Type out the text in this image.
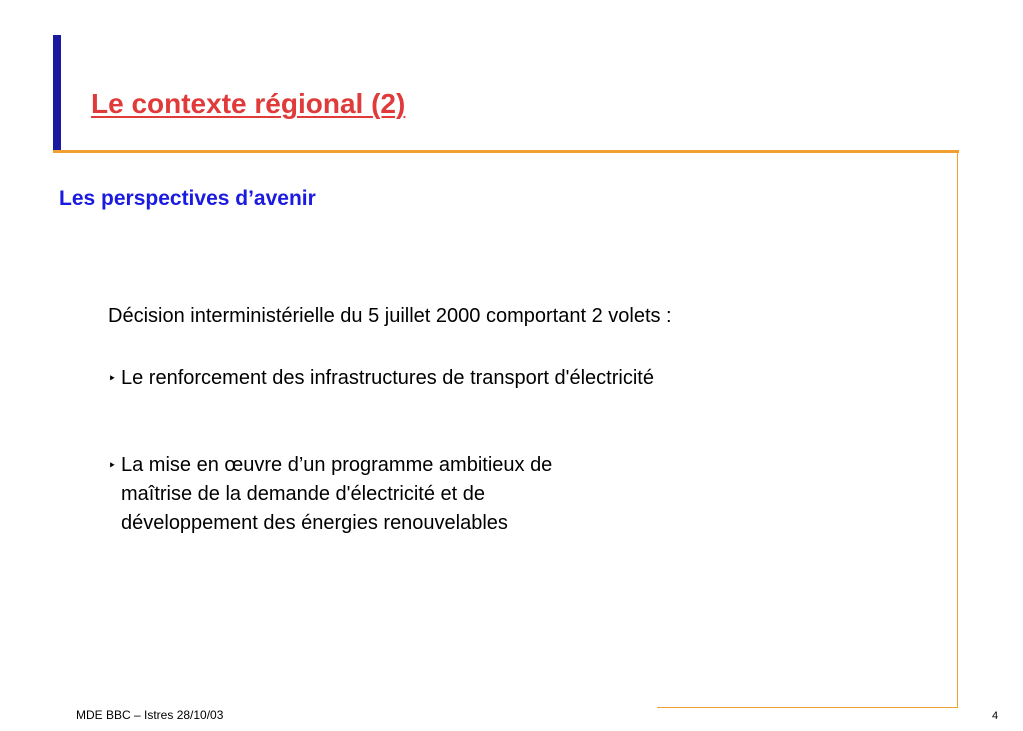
Le contexte régional (2)
Les perspectives d’avenir
Décision interministérielle du 5 juillet 2000 comportant 2 volets :
‣ Le renforcement des infrastructures de transport d'électricité
‣ La mise en œuvre d’un programme ambitieux de
maîtrise de la demande d'électricité et de
développement des énergies renouvelables
MDE BBC – Istres 28/10/03	4
